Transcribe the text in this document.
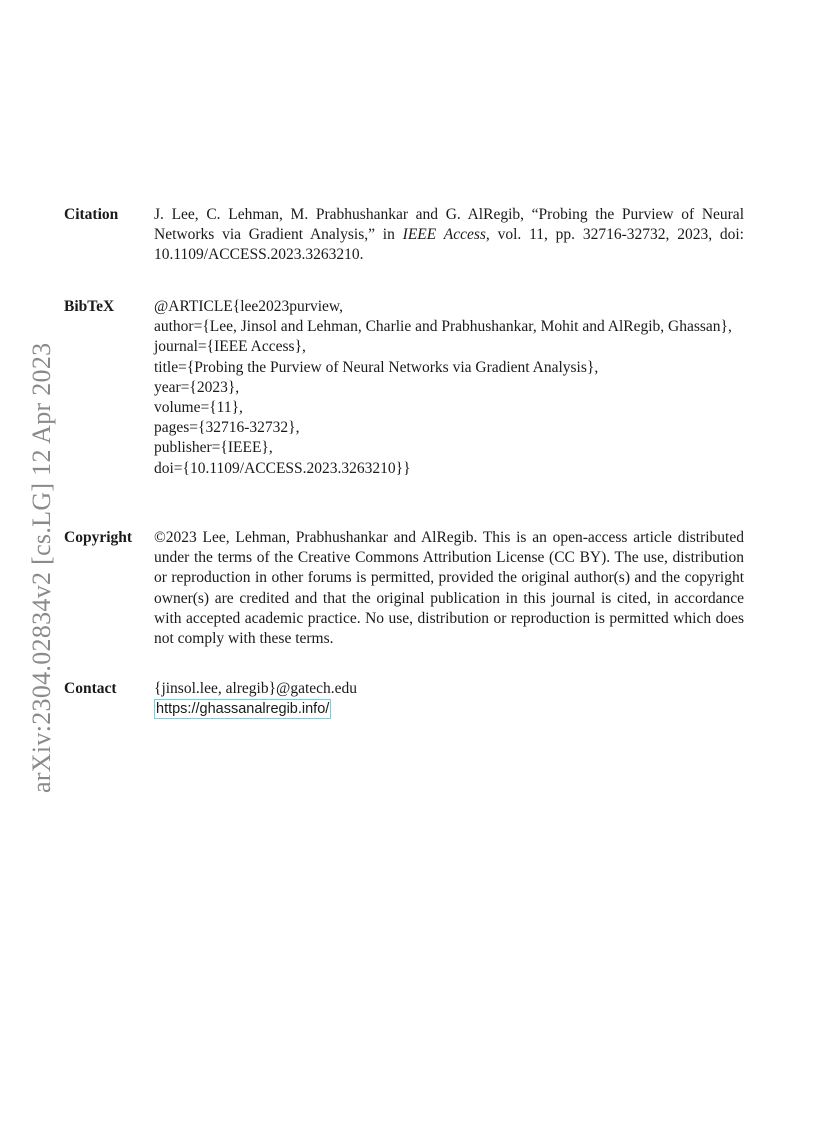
arXiv:2304.02834v2 [cs.LG] 12 Apr 2023
Citation J. Lee, C. Lehman, M. Prabhushankar and G. AlRegib, “Probing the Purview of Neural Networks via Gradient Analysis,” in IEEE Access, vol. 11, pp. 32716-32732, 2023, doi: 10.1109/ACCESS.2023.3263210.
BibTeX	@ARTICLE{lee2023purview,
author={Lee, Jinsol and Lehman, Charlie and Prabhushankar, Mohit and AlRegib, Ghassan},
journal={IEEE Access},
title={Probing the Purview of Neural Networks via Gradient Analysis},
year={2023},
volume={11},
pages={32716-32732},
publisher={IEEE},
doi={10.1109/ACCESS.2023.3263210}}
Copyright ©2023 Lee, Lehman, Prabhushankar and AlRegib. This is an open-access article distributed under the terms of the Creative Commons Attribution License (CC BY). The use, distribution or reproduction in other forums is permitted, provided the original author(s) and the copyright owner(s) are credited and that the original publication in this journal is cited, in accordance with accepted academic practice. No use, distribution or reproduction is permitted which does not comply with these terms.
Contact {jinsol.lee, alregib}@gatech.edu
https://ghassanalregib.info/
